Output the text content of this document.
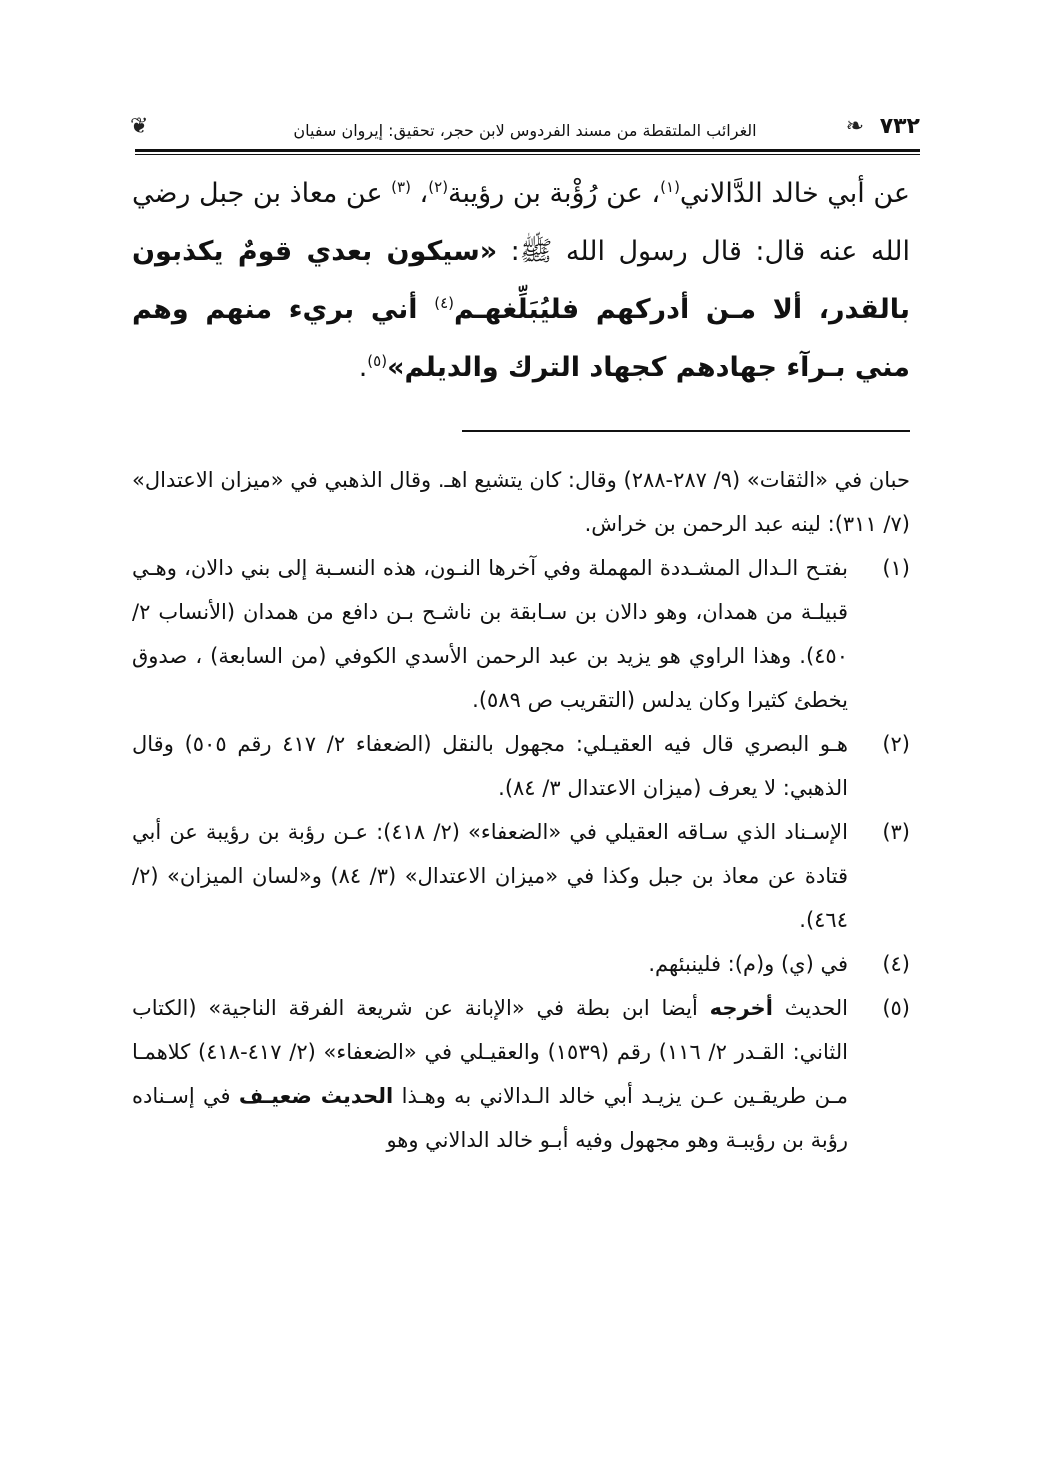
٧٣٢
❧
الغرائب الملتقطة من مسند الفردوس لابن حجر، تحقيق: إيروان سفيان
❦
عن أبي خالد الدَّالاني$^{(١)}$، عن رُؤْبة بن رؤيبة$^{(٢)}$، $^{(٣)}$ عن معاذ بن جبل رضي الله عنه قال: قال رسول الله ﷺ: «سيكون بعدي قومٌ يكذبون بالقدر، ألا مـن أدركهم فليُبَلِّغهـم$^{(٤)}$ أني بريء منهم وهم مني بـرآء جهادهم كجهاد الترك والديلم»$^{(٥)}$.
حبان في «الثقات» (٩/ ٢٨٧-٢٨٨) وقال: كان يتشيع اهـ. وقال الذهبي في «ميزان الاعتدال» (٧/ ٣١١): لينه عبد الرحمن بن خراش.
(١)
بفتـح الـدال المشـددة المهملة وفي آخرها النـون، هذه النسـبة إلى بني دالان، وهـي قبيلـة من همدان، وهو دالان بن سـابقة بن ناشـح بـن دافع من همدان (الأنساب ٢/ ٤٥٠). وهذا الراوي هو يزيد بن عبد الرحمن الأسدي الكوفي (من السابعة) ، صدوق يخطئ كثيرا وكان يدلس (التقريب ص ٥٨٩).
(٢)
هـو البصري قال فيه العقيـلي: مجهول بالنقل (الضعفاء ٢/ ٤١٧ رقم ٥٠٥) وقال الذهبي: لا يعرف (ميزان الاعتدال ٣/ ٨٤).
(٣)
الإسـناد الذي سـاقه العقيلي في «الضعفاء» (٢/ ٤١٨): عـن رؤبة بن رؤيبة عن أبي قتادة عن معاذ بن جبل وكذا في «ميزان الاعتدال» (٣/ ٨٤) و«لسان الميزان» (٢/ ٤٦٤).
(٤)
في (ي) و(م): فلينبئهم.
(٥)
الحديث أخرجه أيضا ابن بطة في «الإبانة عن شريعة الفرقة الناجية» (الكتاب الثاني: القـدر ٢/ ١١٦) رقم (١٥٣٩) والعقيـلي في «الضعفاء» (٢/ ٤١٧-٤١٨) كلاهمـا مـن طريقـين عـن يزيـد أبي خالد الـدالاني به وهـذا الحديث ضعيـف في إسـناده رؤبة بن رؤيبـة وهو مجهول وفيه أبـو خالد الدالاني وهو
